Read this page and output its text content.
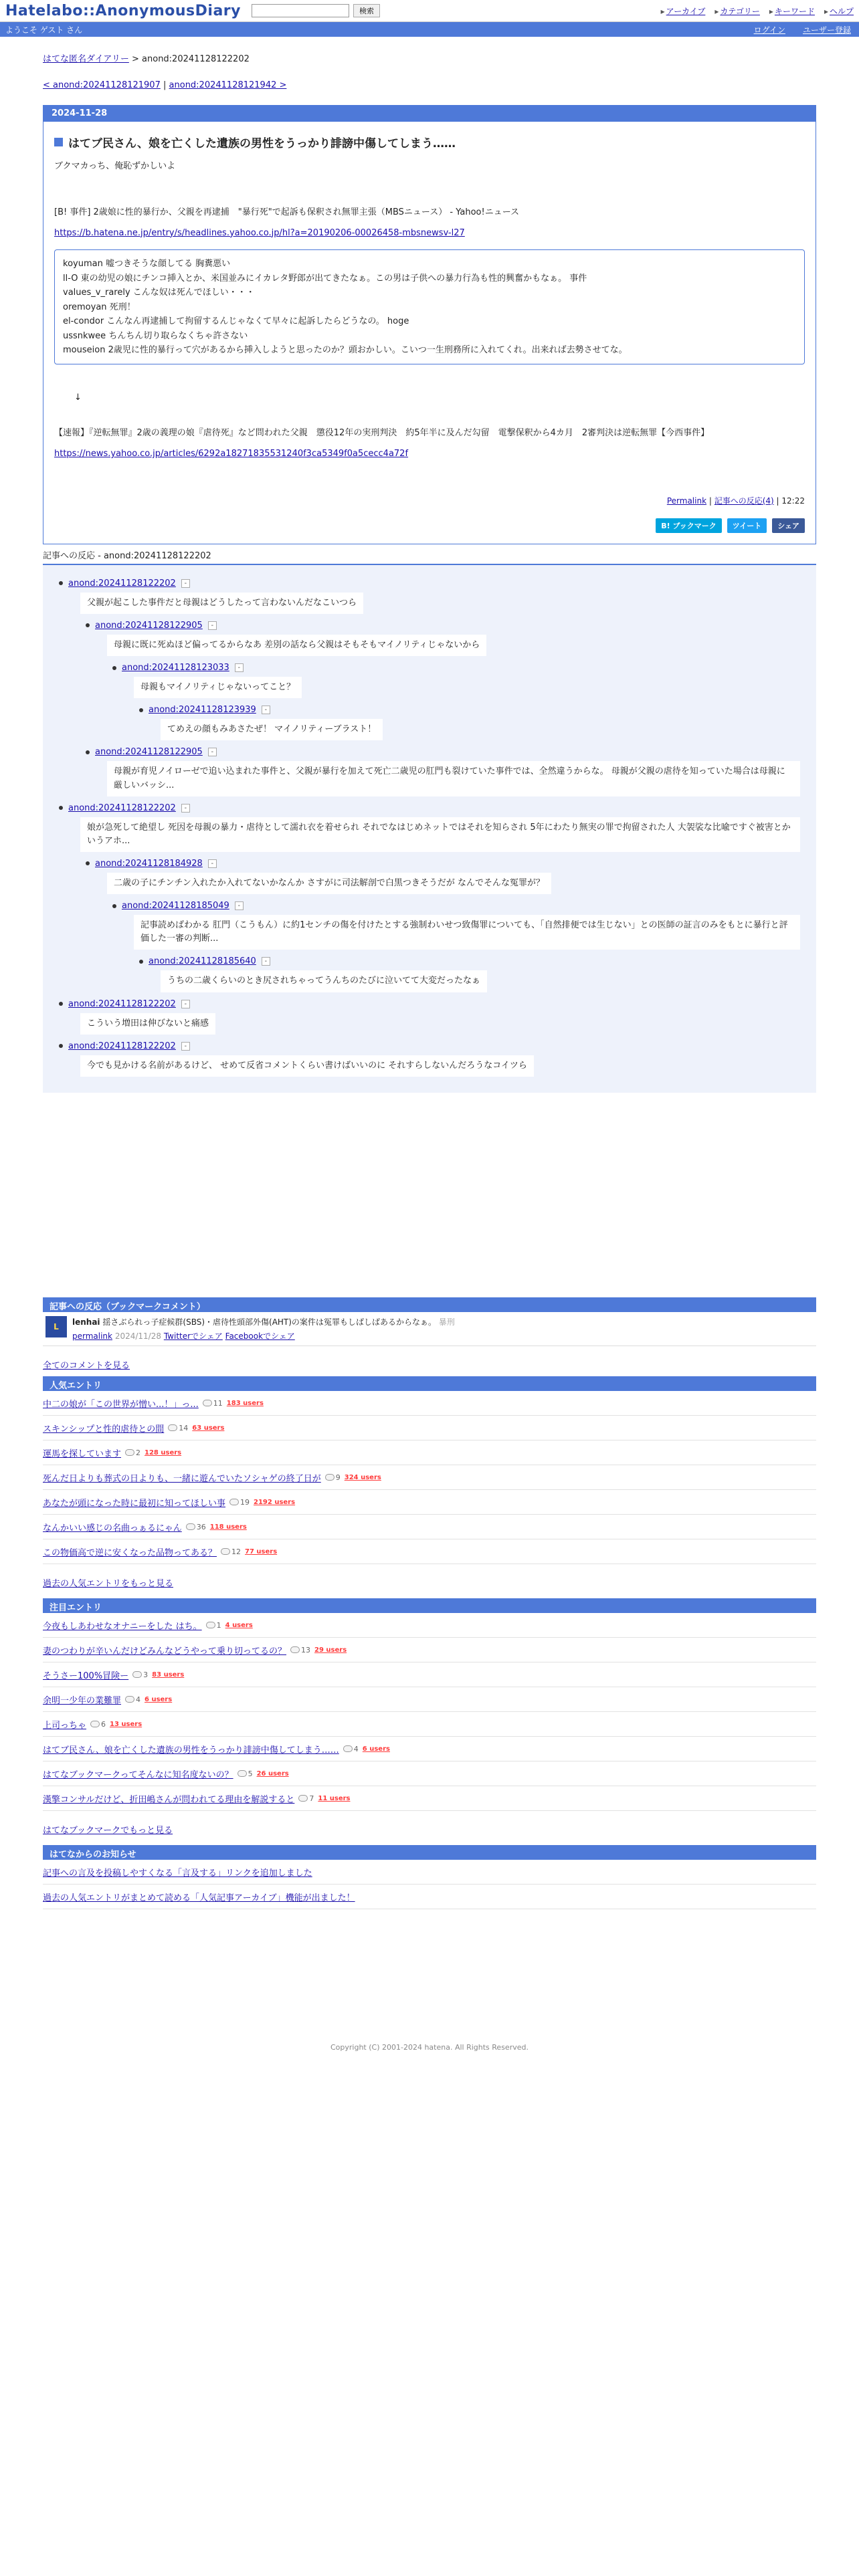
Hatelabo::AnonymousDiary	検索	▸ アーカイブ	▸ カテゴリー	▸ キーワード	▸ ヘルプ
ようこそ ゲスト さん	ログイン ユーザー登録
はてな匿名ダイアリー > anond:20241128122202
< anond:20241128121907 | anond:20241128121942 >
2024-11-28
はてブ民さん、娘を亡くした遺族の男性をうっかり誹謗中傷してしまう……
ブクマカっち、俺恥ずかしいよ
[B! 事件] 2歳娘に性的暴行か、父親を再逮捕　"暴行死"で起訴も保釈され無罪主張（MBSニュース） - Yahoo!ニュース
https://b.hatena.ne.jp/entry/s/headlines.yahoo.co.jp/hl?a=20190206-00026458-mbsnewsv-l27
koyuman 嘘つきそうな顔してる 胸糞悪い
ll-O 東の幼児の娘にチンコ挿入とか、米国並みにイカレタ野郎が出てきたなぁ。この男は子供への暴力行為も性的興奮かもなぁ。 事件
values_v_rarely こんな奴は死んでほしい・・・
oremoyan 死刑！
el-condor こんなん再逮捕して拘留するんじゃなくて早々に起訴したらどうなの。 hoge
ussnkwee ちんちん切り取らなくちゃ許さない
mouseion 2歳児に性的暴行って穴があるから挿入しようと思ったのか？頭おかしい。こいつ一生刑務所に入れてくれ。出来れば去勢させてな。
↓
【速報】『逆転無罪』2歳の義理の娘『虐待死』など問われた父親　懲役12年の実刑判決　約5年半に及んだ勾留　電撃保釈から4カ月　2審判決は逆転無罪【今西事件】
https://news.yahoo.co.jp/articles/6292a18271835531240f3ca5349f0a5cecc4a72f
Permalink | 記事への反応(4) | 12:22
B! ブックマーク	ツイート	シェア
記事への反応 - anond:20241128122202
anond:20241128122202	-
父親が起こした事件だと母親はどうしたって言わないんだなこいつら
anond:20241128122905	-
母親に既に死ぬほど偏ってるからなあ 差別の話なら父親はそもそもマイノリティじゃないから
anond:20241128123033	-
母親もマイノリティじゃないってこと？
anond:20241128123939	-
てめえの顔もみあさたぜ！ マイノリティーブラスト！
anond:20241128122905	-
母親が育児ノイローゼで追い込まれた事件と、父親が暴行を加えて死亡二歳児の肛門も裂けていた事件では、全然違うからな。 母親が父親の虐待を知っていた場合は母親に厳しいバッシ...
anond:20241128122202	-
娘が急死して絶望し 死因を母親の暴力・虐待として濡れ衣を着せられ それでなはじめネットではそれを知らされ 5年にわたり無実の罪で拘留された人 大袈裟な比喩ですぐ被害とかいうアホ...
anond:20241128184928	-
二歳の子にチンチン入れたか入れてないかなんか さすがに司法解剖で白黒つきそうだが なんでそんな冤罪が？
anond:20241128185049	-
記事読めばわかる 肛門（こうもん）に約1センチの傷を付けたとする強制わいせつ致傷罪についても、「自然排便では生じない」との医師の証言のみをもとに暴行と評価した一審の判断...
anond:20241128185640	-
うちの二歳くらいのとき尻されちゃってうんちのたびに泣いてて大変だったなぁ
anond:20241128122202	-
こういう増田は伸びないと痛感
anond:20241128122202	-
今でも見かける名前があるけど、 せめて反省コメントくらい書けばいいのに それすらしないんだろうなコイツら
記事への反応（ブックマークコメント）
L	lenhai 揺さぶられっ子症候群(SBS)・虐待性頭部外傷(AHT)の案件は冤罪もしばしばあるからなぁ。 暴刑
permalink 2024/11/28 Twitterでシェア Facebookでシェア
全てのコメントを見る
人気エントリ
中二の娘が「この世界が憎い...！」っ... 11 183 users
スキンシップと性的虐待との間 14 63 users
運馬を探しています 2 128 users
死んだ日よりも葬式の日よりも、一緒に遊んでいたソシャゲの終了日が 9 324 users
あなたが頭になった時に最初に知ってほしい事 19 2192 users
なんかいい感じの名曲っぁるにゃん 36 118 users
この物価高で逆に安くなった品物ってある？ 12 77 users
過去の人気エントリをもっと見る
注目エントリ
今夜もしあわせなオナニーをした はち。 1 4 users
妻のつわりが辛いんだけどみんなどうやって乗り切ってるの？ 13 29 users
そうさー100%冒険ー 3 83 users
余明一少年の業難罪 4 6 users
上司っちゃ 6 13 users
はてブ民さん、娘を亡くした遺族の男性をうっかり誹謗中傷してしまう…… 4 6 users
はてなブックマークってそんなに知名度ないの？ 5 26 users
漢擎コンサルだけど、折田嶋さんが問われてる理由を解説すると 7 11 users
はてなブックマークでもっと見る
はてなからのお知らせ
記事への言及を投稿しやすくなる「言及する」リンクを追加しました
過去の人気エントリがまとめて読める「人気記事アーカイブ」機能が出ました！
Copyright (C) 2001-2024 hatena. All Rights Reserved.
